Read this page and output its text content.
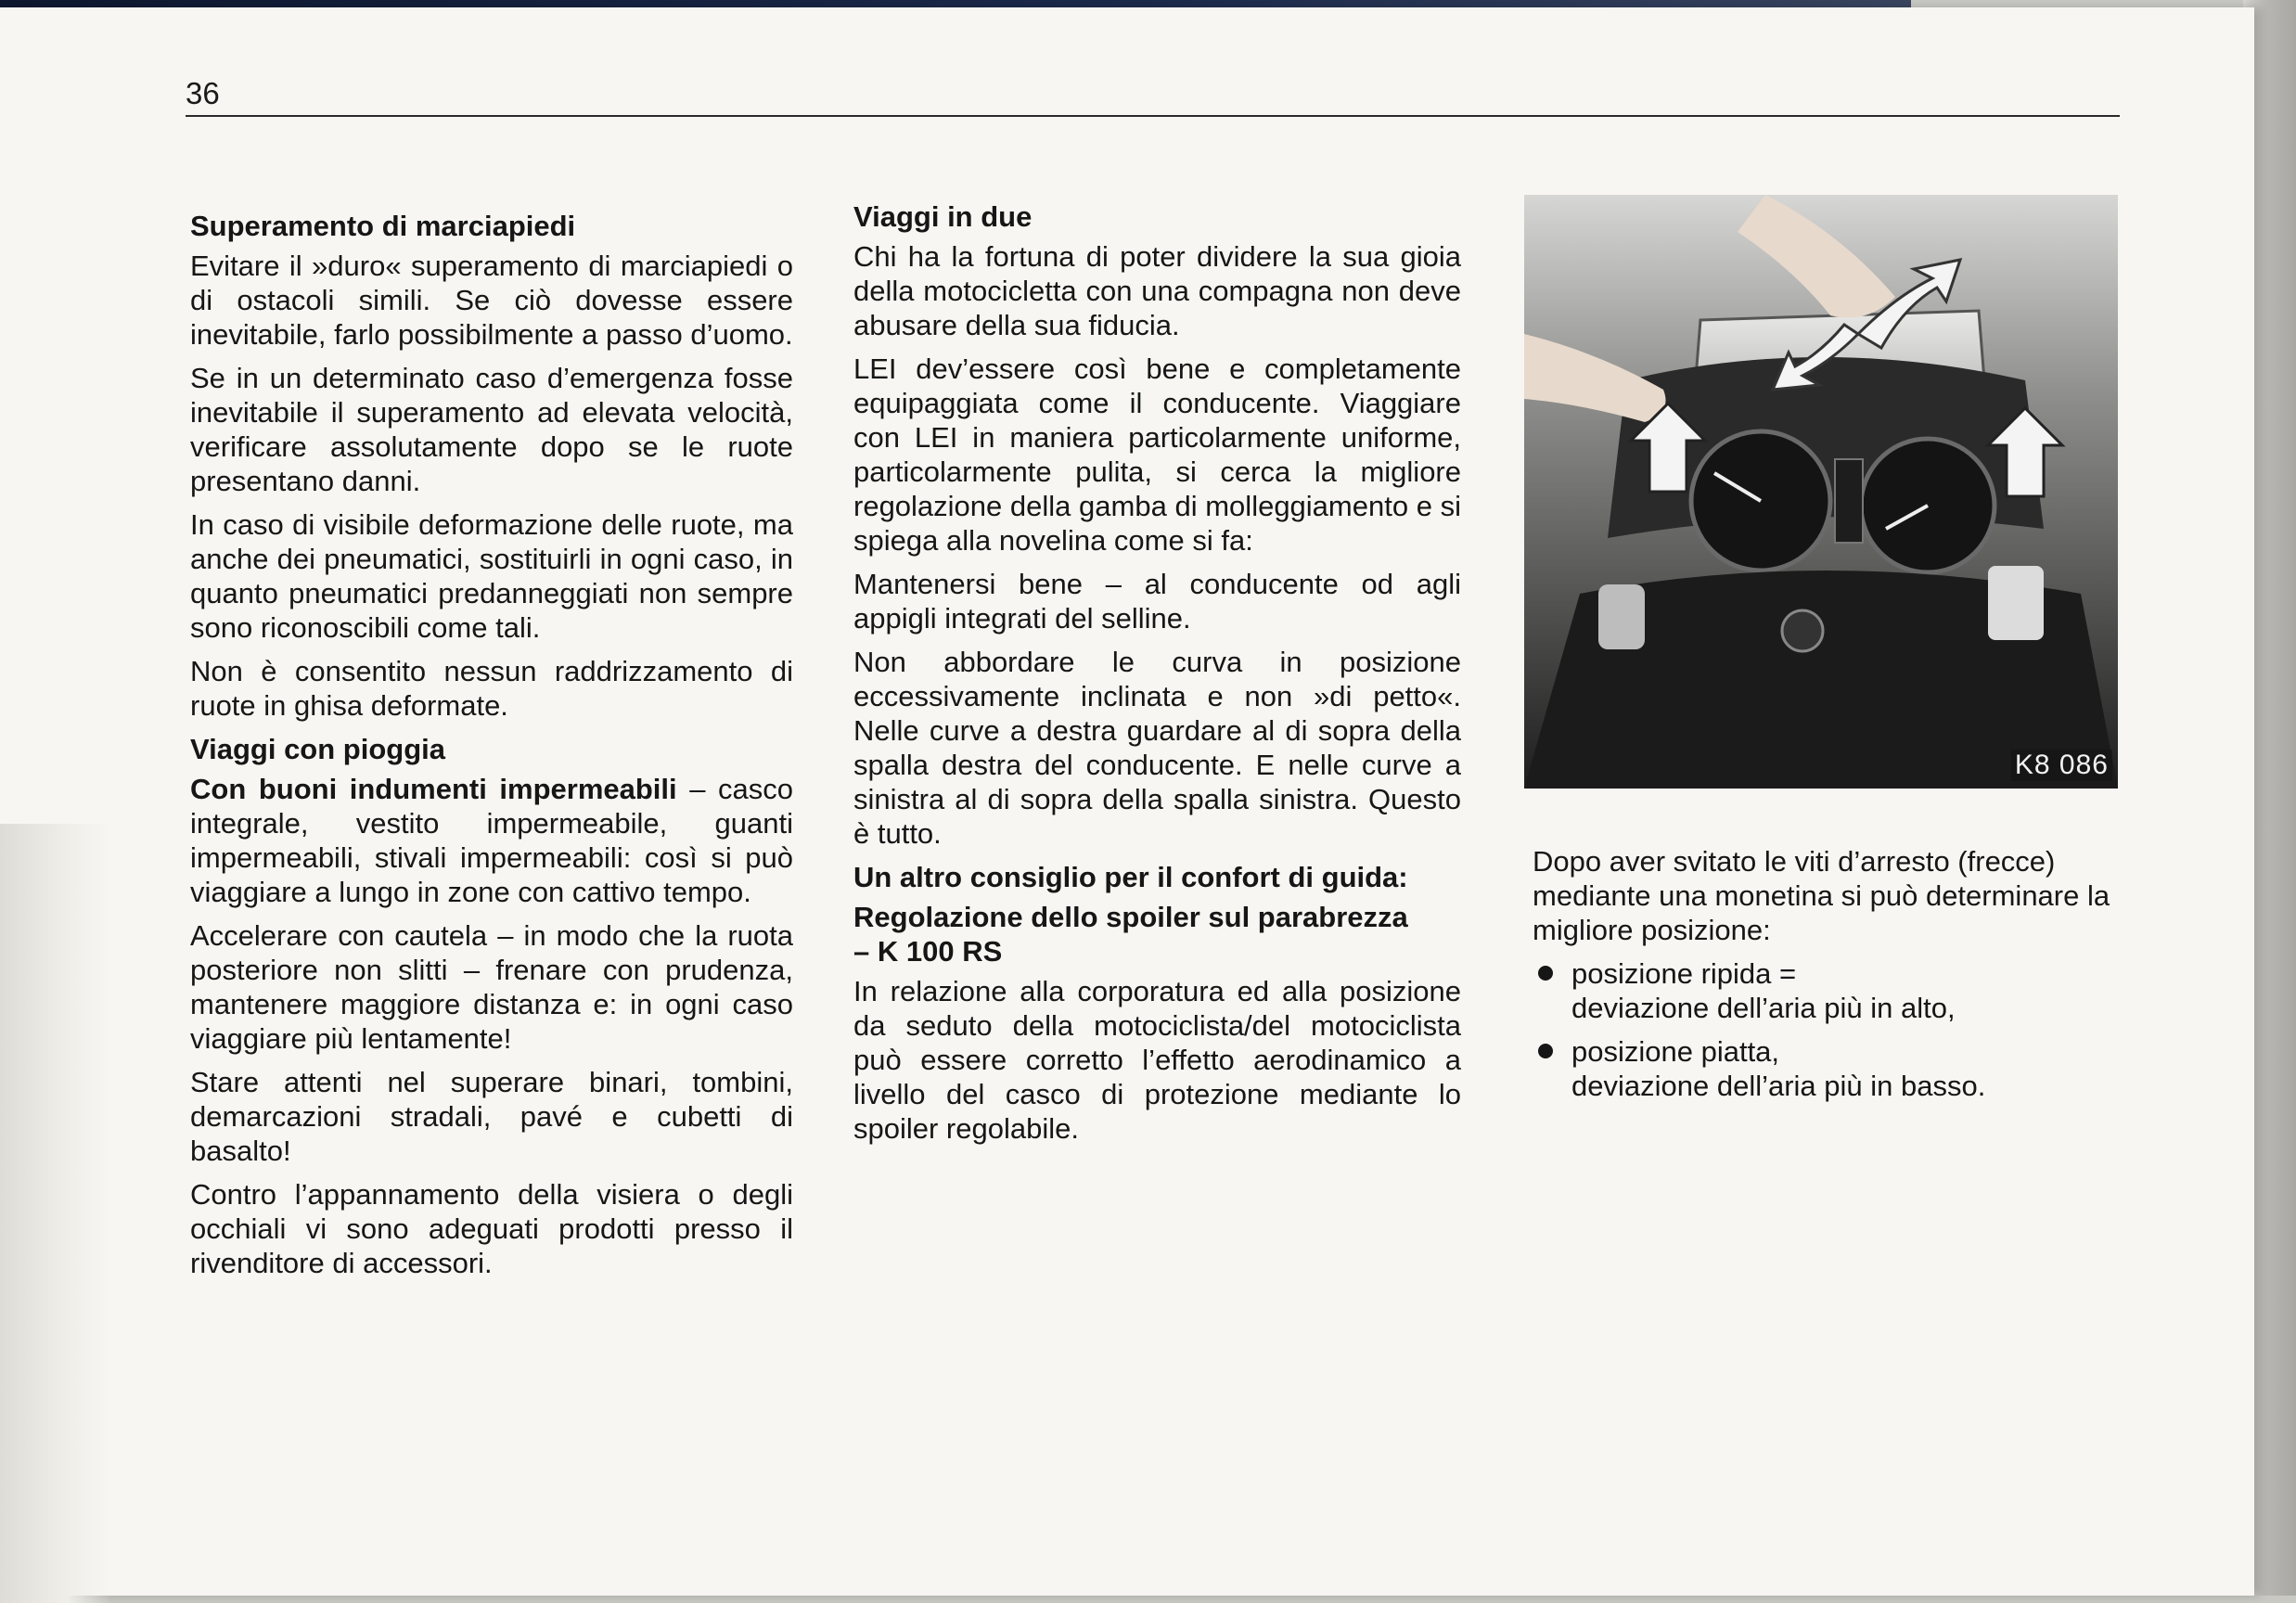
36
Superamento di marciapiedi

Evitare il »duro« superamento di marciapiedi o di ostacoli simili. Se ciò dovesse essere inevitabile, farlo possibilmente a passo d’uomo.

Se in un determinato caso d’emergenza fosse inevitabile il superamento ad elevata velocità, verificare assolutamente dopo se le ruote presentano danni.

In caso di visibile deformazione delle ruote, ma anche dei pneumatici, sostituirli in ogni caso, in quanto pneumatici predanneggiati non sempre sono riconoscibili come tali.

Non è consentito nessun raddrizzamento di ruote in ghisa deformate.

Viaggi con pioggia

Con buoni indumenti impermeabili – casco integrale, vestito impermeabile, guanti impermeabili, stivali impermeabili: così si può viaggiare a lungo in zone con cattivo tempo.

Accelerare con cautela – in modo che la ruota posteriore non slitti – frenare con prudenza, mantenere maggiore distanza e: in ogni caso viaggiare più lentamente!

Stare attenti nel superare binari, tombini, demarcazioni stradali, pavé e cubetti di basalto!

Contro l’appannamento della visiera o degli occhiali vi sono adeguati prodotti presso il rivenditore di accessori.

Viaggi in due

Chi ha la fortuna di poter dividere la sua gioia della motocicletta con una compagna non deve abusare della sua fiducia.

LEI dev’essere così bene e completamente equipaggiata come il conducente. Viaggiare con LEI in maniera particolarmente uniforme, particolarmente pulita, si cerca la migliore regolazione della gamba di molleggiamento e si spiega alla novelina come si fa:

Mantenersi bene – al conducente od agli appigli integrati del selline.

Non abbordare le curva in posizione eccessivamente inclinata e non »di petto«. Nelle curve a destra guardare al di sopra della spalla destra del conducente. E nelle curve a sinistra al di sopra della spalla sinistra. Questo è tutto.

Un altro consiglio per il confort di guida:
Regolazione dello spoiler sul parabrezza
– K 100 RS

In relazione alla corporatura ed alla posizione da seduto della motociclista/del motociclista può essere corretto l’effetto aerodinamico a livello del casco di protezione mediante lo spoiler regolabile.

K8 086

Dopo aver svitato le viti d’arresto (frecce) mediante una monetina si può determinare la migliore posizione:

posizione ripida =
deviazione dell’aria più in alto,
posizione piatta,
deviazione dell’aria più in basso.
